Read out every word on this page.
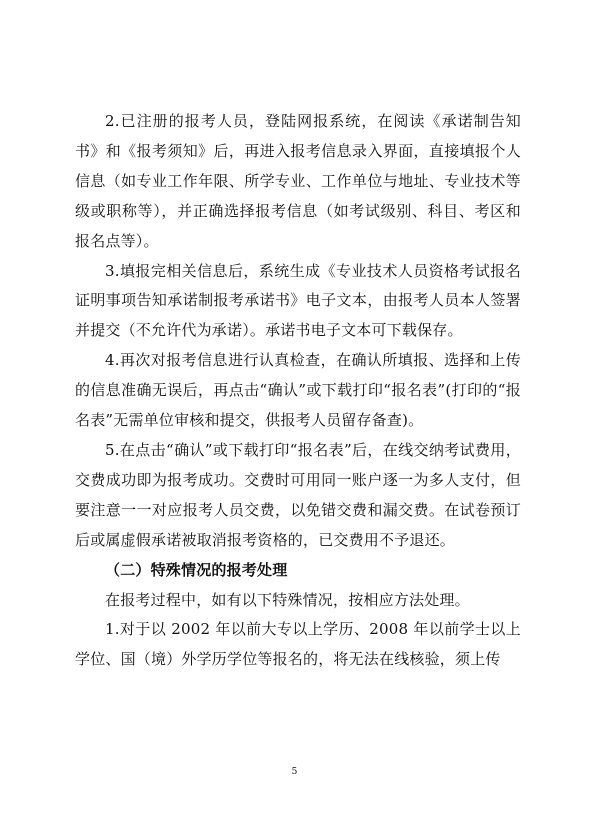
2.已注册的报考人员，登陆网报系统，在阅读《承诺制告知书》和《报考须知》后，再进入报考信息录入界面，直接填报个人信息（如专业工作年限、所学专业、工作单位与地址、专业技术等级或职称等），并正确选择报考信息（如考试级别、科目、考区和报名点等）。

3.填报完相关信息后，系统生成《专业技术人员资格考试报名证明事项告知承诺制报考承诺书》电子文本，由报考人员本人签署并提交（不允许代为承诺）。承诺书电子文本可下载保存。

4.再次对报考信息进行认真检查，在确认所填报、选择和上传的信息准确无误后，再点击“确认”或下载打印“报名表”(打印的“报名表”无需单位审核和提交，供报考人员留存备查)。

5.在点击“确认”或下载打印“报名表”后，在线交纳考试费用，交费成功即为报考成功。交费时可用同一账户逐一为多人支付，但要注意一一对应报考人员交费，以免错交费和漏交费。在试卷预订后或属虚假承诺被取消报考资格的，已交费用不予退还。

（二）特殊情况的报考处理

在报考过程中，如有以下特殊情况，按相应方法处理。

1.对于以 2002 年以前大专以上学历、2008 年以前学士以上学位、国（境）外学历学位等报名的，将无法在线核验，须上传

5
